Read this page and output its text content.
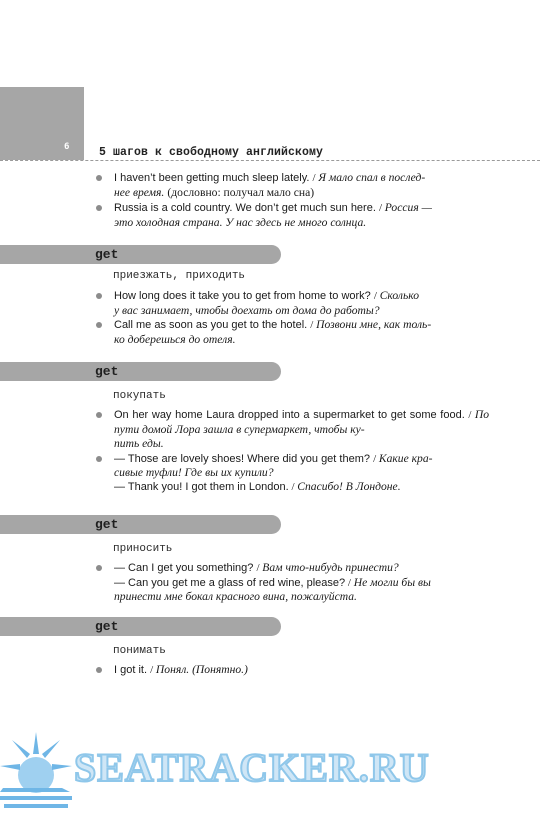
6	5 шагов к свободному английскому
I haven’t been getting much sleep lately. / Я мало спал в послед-
нее время. (дословно: получал мало сна)
Russia is a cold country. We don’t get much sun here. / Россия —
это холодная страна. У нас здесь не много солнца.
get
приезжать, приходить
How long does it take you to get from home to work? / Сколько
у вас занимает, чтобы доехать от дома до работы?
Call me as soon as you get to the hotel. / Позвони мне, как толь-
ко доберешься до отеля.
get
покупать
On her way home Laura dropped into a supermarket to get some food. / По пути домой Лора зашла в супермаркет, чтобы ку-
пить еды.
— Those are lovely shoes! Where did you get them? / Какие кра-
сивые туфли! Где вы их купили?
— Thank you! I got them in London. / Спасибо! В Лондоне.
get
приносить
— Can I get you something? / Вам что-нибудь принести?
— Can you get me a glass of red wine, please? / Не могли бы вы
принести мне бокал красного вина, пожалуйста.
get
понимать
I got it. / Понял. (Понятно.)
SEATRACKER.RU
